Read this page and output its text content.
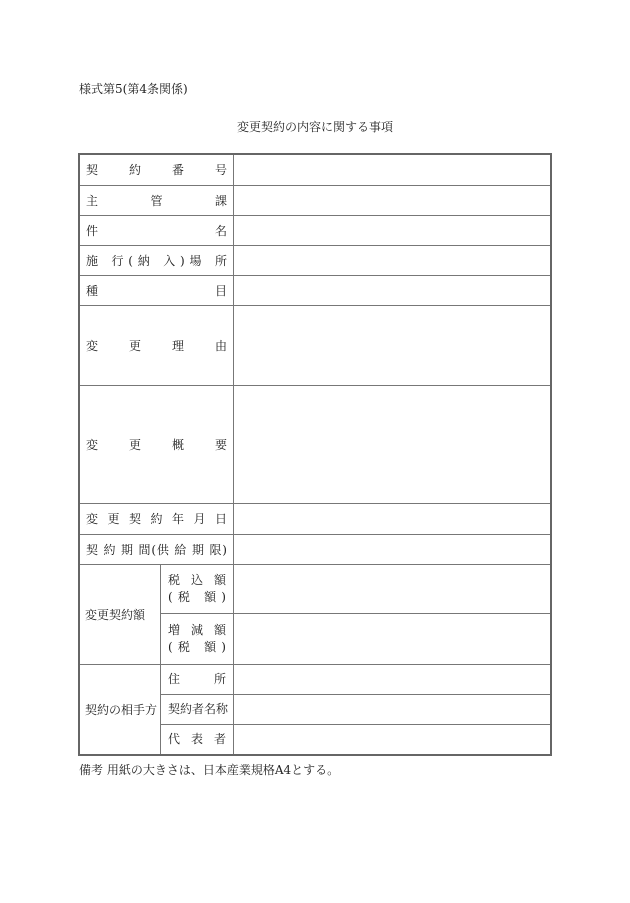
様式第5(第4条関係)
変更契約の内容に関する事項
契 約 番 号
主 管 課
件 名
施 行(納 入)場 所
種 目
変 更 理 由
変 更 概 要
変 更 契 約 年 月 日
契 約 期 間(供 給 期 限)
変更契約額
税 込 額
(税 額)
増 減 額
(税 額)
契約の相手方
住 所
契約者名称
代 表 者
備考 用紙の大きさは、日本産業規格A4とする。
